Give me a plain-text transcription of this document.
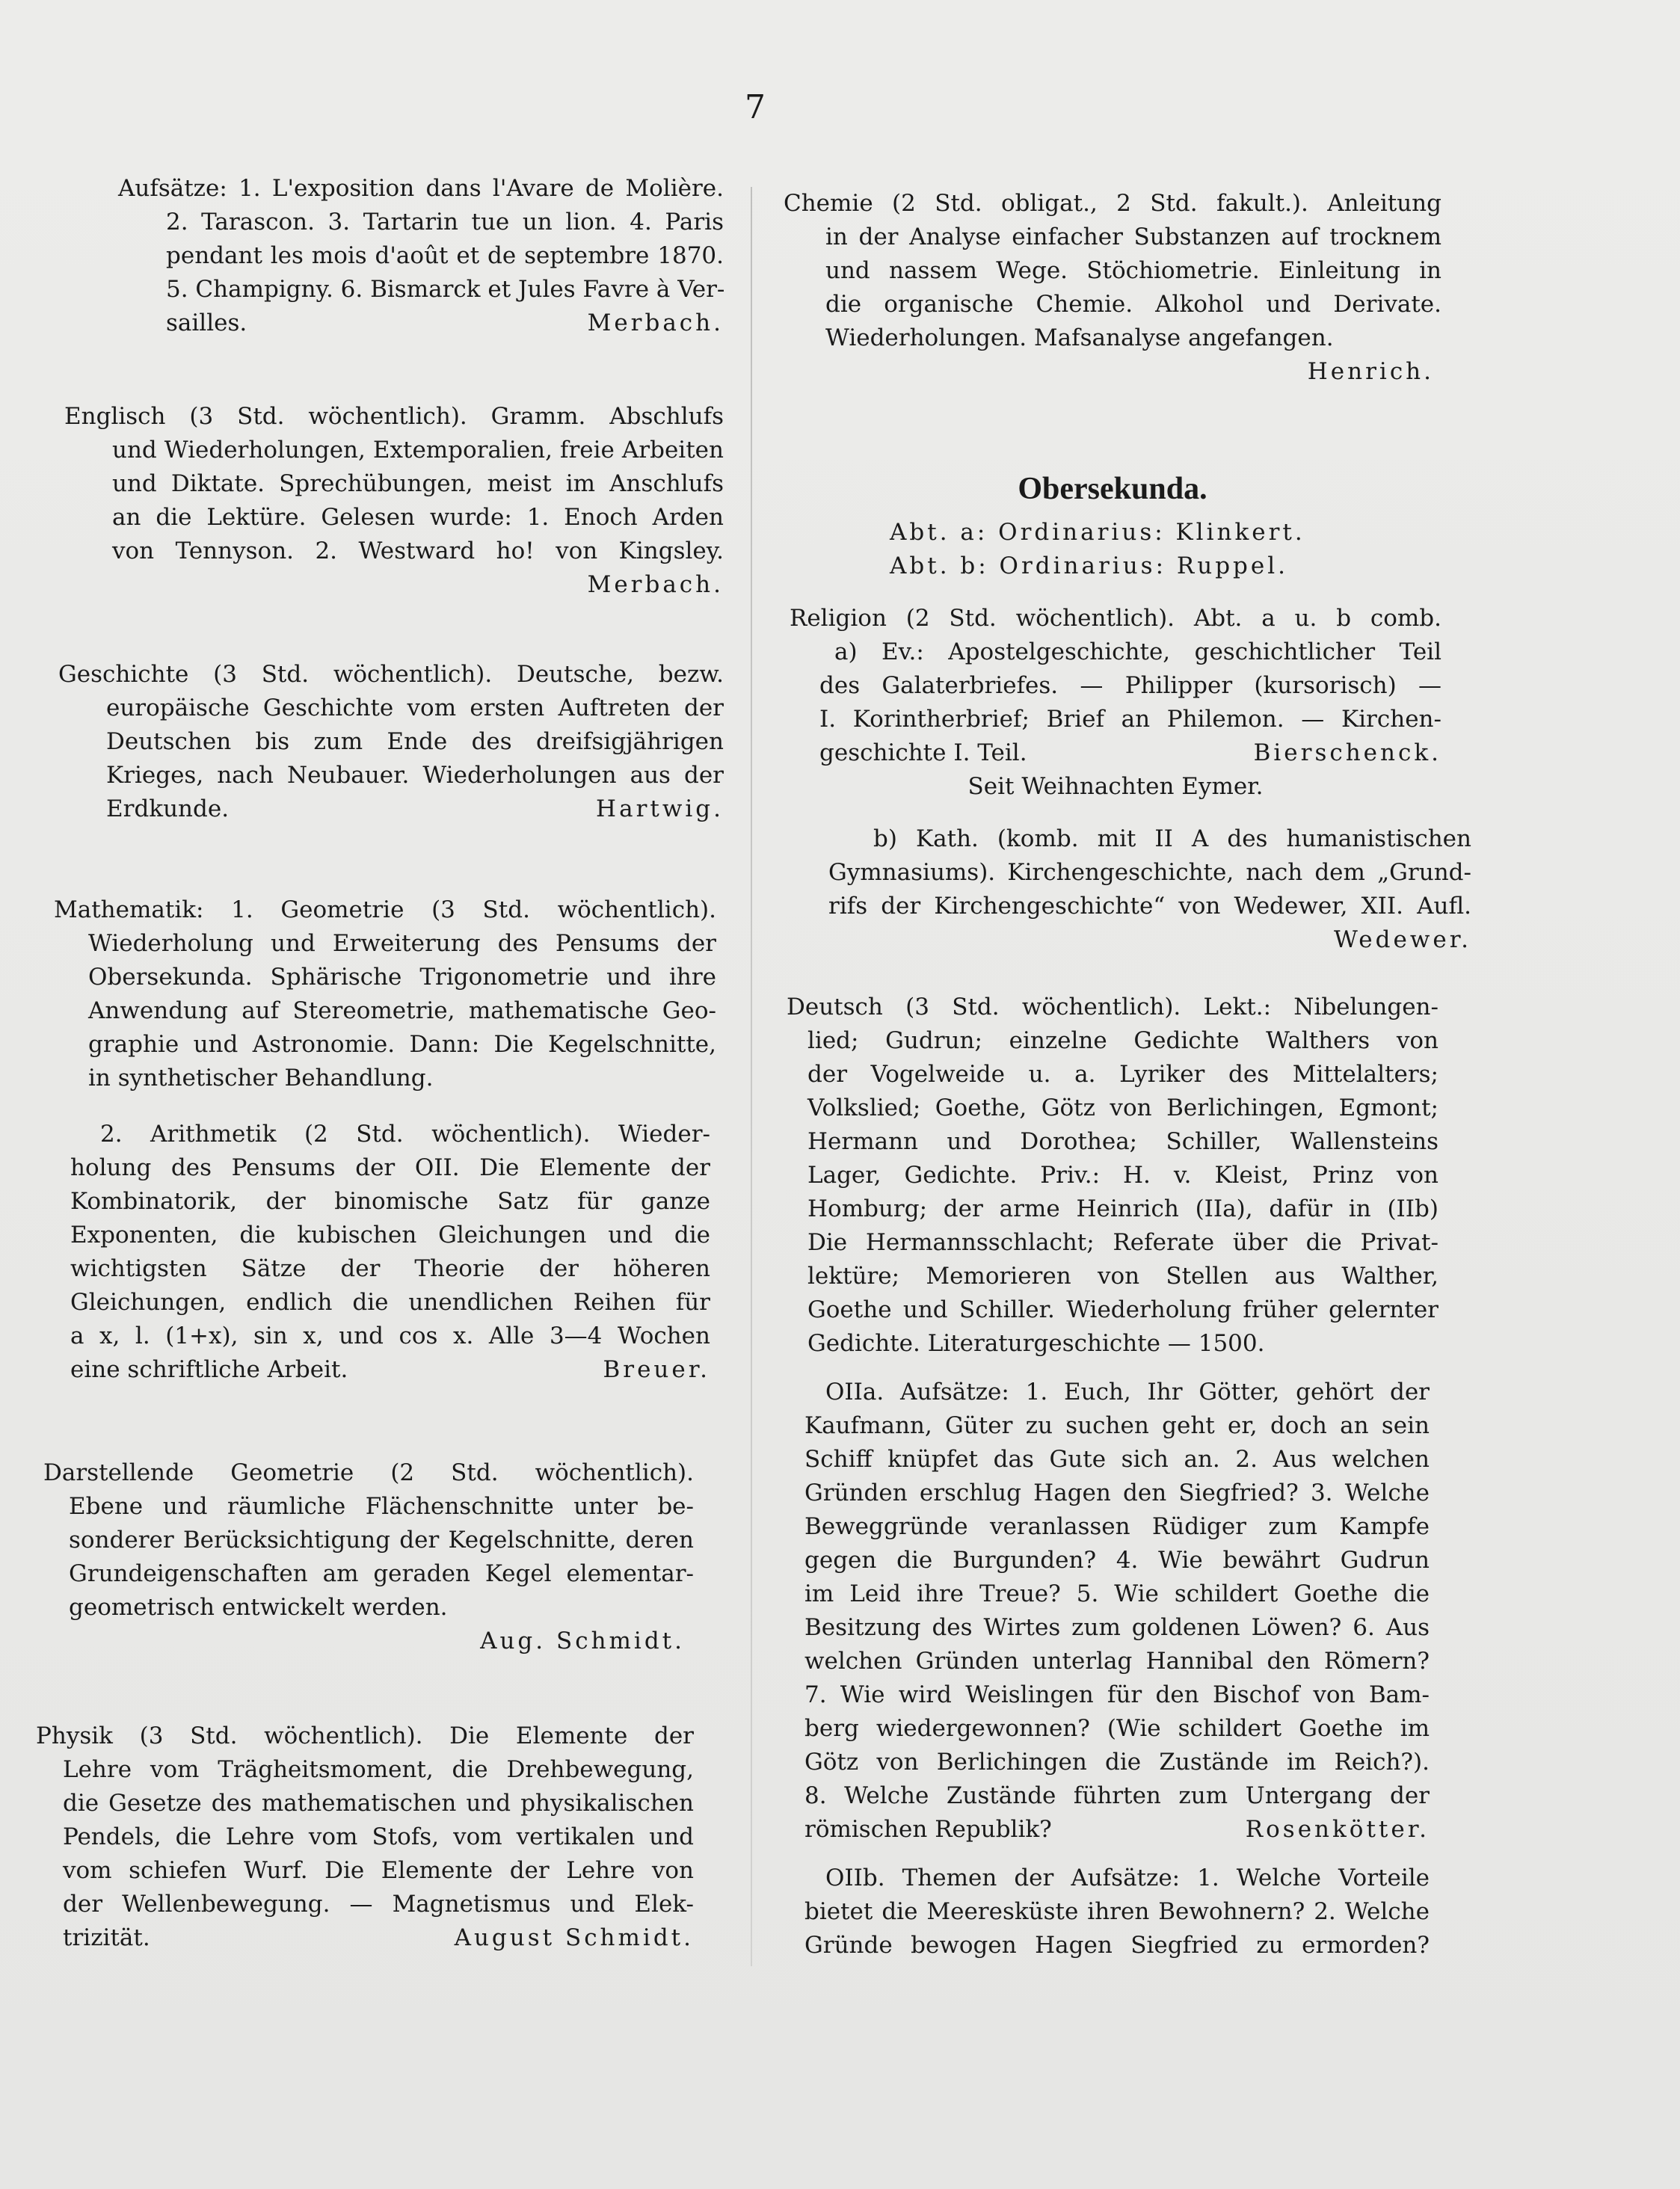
7
Aufsätze: 1. L'exposition dans l'Avare de Molière.
2. Tarascon. 3. Tartarin tue un lion. 4. Paris
pendant les mois d'août et de septembre 1870.
5. Champigny. 6. Bismarck et Jules Favre à Ver-
sailles.	Merbach.
Englisch (3 Std. wöchentlich). Gramm. Abschlufs
und Wiederholungen, Extemporalien, freie Arbeiten
und Diktate. Sprechübungen, meist im Anschlufs
an die Lektüre. Gelesen wurde: 1. Enoch Arden
von Tennyson. 2. Westward ho! von Kingsley.
Merbach.
Geschichte (3 Std. wöchentlich). Deutsche, bezw.
europäische Geschichte vom ersten Auftreten der
Deutschen bis zum Ende des dreifsigjährigen
Krieges, nach Neubauer. Wiederholungen aus der
Erdkunde.	Hartwig.
Mathematik: 1. Geometrie (3 Std. wöchentlich).
Wiederholung und Erweiterung des Pensums der
Obersekunda. Sphärische Trigonometrie und ihre
Anwendung auf Stereometrie, mathematische Geo-
graphie und Astronomie. Dann: Die Kegelschnitte,
in synthetischer Behandlung.
2. Arithmetik (2 Std. wöchentlich). Wieder-
holung des Pensums der OII. Die Elemente der
Kombinatorik, der binomische Satz für ganze
Exponenten, die kubischen Gleichungen und die
wichtigsten Sätze der Theorie der höheren
Gleichungen, endlich die unendlichen Reihen für
a x, l. (1+x), sin x, und cos x. Alle 3—4 Wochen
eine schriftliche Arbeit.	Breuer.
Darstellende Geometrie (2 Std. wöchentlich).
Ebene und räumliche Flächenschnitte unter be-
sonderer Berücksichtigung der Kegelschnitte, deren
Grundeigenschaften am geraden Kegel elementar-
geometrisch entwickelt werden.
Aug. Schmidt.
Physik (3 Std. wöchentlich). Die Elemente der
Lehre vom Trägheitsmoment, die Drehbewegung,
die Gesetze des mathematischen und physikalischen
Pendels, die Lehre vom Stofs, vom vertikalen und
vom schiefen Wurf. Die Elemente der Lehre von
der Wellenbewegung. — Magnetismus und Elek-
trizität.	August Schmidt.
Chemie (2 Std. obligat., 2 Std. fakult.). Anleitung
in der Analyse einfacher Substanzen auf trocknem
und nassem Wege. Stöchiometrie. Einleitung in
die organische Chemie. Alkohol und Derivate.
Wiederholungen. Mafsanalyse angefangen.
Henrich.
Obersekunda.
Abt. a: Ordinarius: Klinkert.
Abt. b: Ordinarius: Ruppel.
Religion (2 Std. wöchentlich). Abt. a u. b comb.
a) Ev.: Apostelgeschichte, geschichtlicher Teil
des Galaterbriefes. — Philipper (kursorisch) —
I. Korintherbrief; Brief an Philemon. — Kirchen-
geschichte I. Teil.	Bierschenck.
Seit Weihnachten Eymer.
b) Kath. (komb. mit II A des humanistischen
Gymnasiums). Kirchengeschichte, nach dem „Grund-
rifs der Kirchengeschichte“ von Wedewer, XII. Aufl.
Wedewer.
Deutsch (3 Std. wöchentlich). Lekt.: Nibelungen-
lied; Gudrun; einzelne Gedichte Walthers von
der Vogelweide u. a. Lyriker des Mittelalters;
Volkslied; Goethe, Götz von Berlichingen, Egmont;
Hermann und Dorothea; Schiller, Wallensteins
Lager, Gedichte. Priv.: H. v. Kleist, Prinz von
Homburg; der arme Heinrich (IIa), dafür in (IIb)
Die Hermannsschlacht; Referate über die Privat-
lektüre; Memorieren von Stellen aus Walther,
Goethe und Schiller. Wiederholung früher gelernter
Gedichte. Literaturgeschichte — 1500.
OIIa. Aufsätze: 1. Euch, Ihr Götter, gehört der
Kaufmann, Güter zu suchen geht er, doch an sein
Schiff knüpfet das Gute sich an. 2. Aus welchen
Gründen erschlug Hagen den Siegfried? 3. Welche
Beweggründe veranlassen Rüdiger zum Kampfe
gegen die Burgunden? 4. Wie bewährt Gudrun
im Leid ihre Treue? 5. Wie schildert Goethe die
Besitzung des Wirtes zum goldenen Löwen? 6. Aus
welchen Gründen unterlag Hannibal den Römern?
7. Wie wird Weislingen für den Bischof von Bam-
berg wiedergewonnen? (Wie schildert Goethe im
Götz von Berlichingen die Zustände im Reich?).
8. Welche Zustände führten zum Untergang der
römischen Republik?	Rosenkötter.
OIIb. Themen der Aufsätze: 1. Welche Vorteile
bietet die Meeresküste ihren Bewohnern? 2. Welche
Gründe bewogen Hagen Siegfried zu ermorden?
